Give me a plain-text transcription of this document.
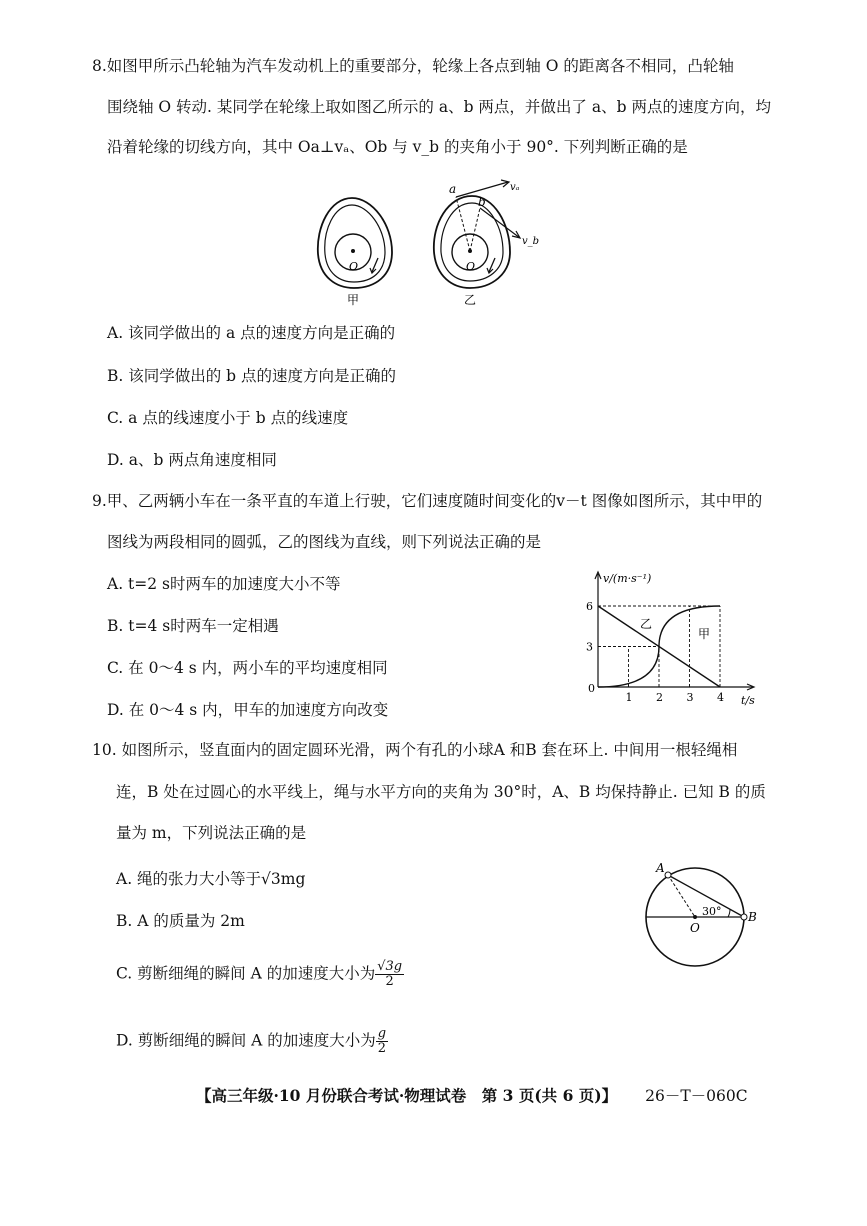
8.如图甲所示凸轮轴为汽车发动机上的重要部分，轮缘上各点到轴 O 的距离各不相同，凸轮轴
围绕轴 O 转动. 某同学在轮缘上取如图乙所示的 a、b 两点，并做出了 a、b 两点的速度方向，均
沿着轮缘的切线方向，其中 Oa⊥vₐ、Ob 与 v_b 的夹角小于 90°. 下列判断正确的是
O
甲
O
a
b
vₐ
v_b
乙
A. 该同学做出的 a 点的速度方向是正确的
B. 该同学做出的 b 点的速度方向是正确的
C. a 点的线速度小于 b 点的线速度
D. a、b 两点角速度相同
9.甲、乙两辆小车在一条平直的车道上行驶，它们速度随时间变化的v－t 图像如图所示，其中甲的
图线为两段相同的圆弧，乙的图线为直线，则下列说法正确的是
A. t=2 s时两车的加速度大小不等
B. t=4 s时两车一定相遇
C. 在 0～4 s 内，两小车的平均速度相同
D. 在 0～4 s 内，甲车的加速度方向改变
v/(m·s⁻¹)
t/s
0
1 2 3 4
3
6
乙
甲
10. 如图所示，竖直面内的固定圆环光滑，两个有孔的小球A 和B 套在环上. 中间用一根轻绳相
连，B 处在过圆心的水平线上，绳与水平方向的夹角为 30°时，A、B 均保持静止. 已知 B 的质
量为 m，下列说法正确的是
A. 绳的张力大小等于√3mg
B. A 的质量为 2m
C. 剪断细绳的瞬间 A 的加速度大小为 $\frac{√3g}{2}$
D. 剪断细绳的瞬间 A 的加速度大小为 $\frac{g}{2}$
A
B
O
30°
【高三年级·10 月份联合考试·物理试卷　第 3 页(共 6 页)】 26－T－060C
